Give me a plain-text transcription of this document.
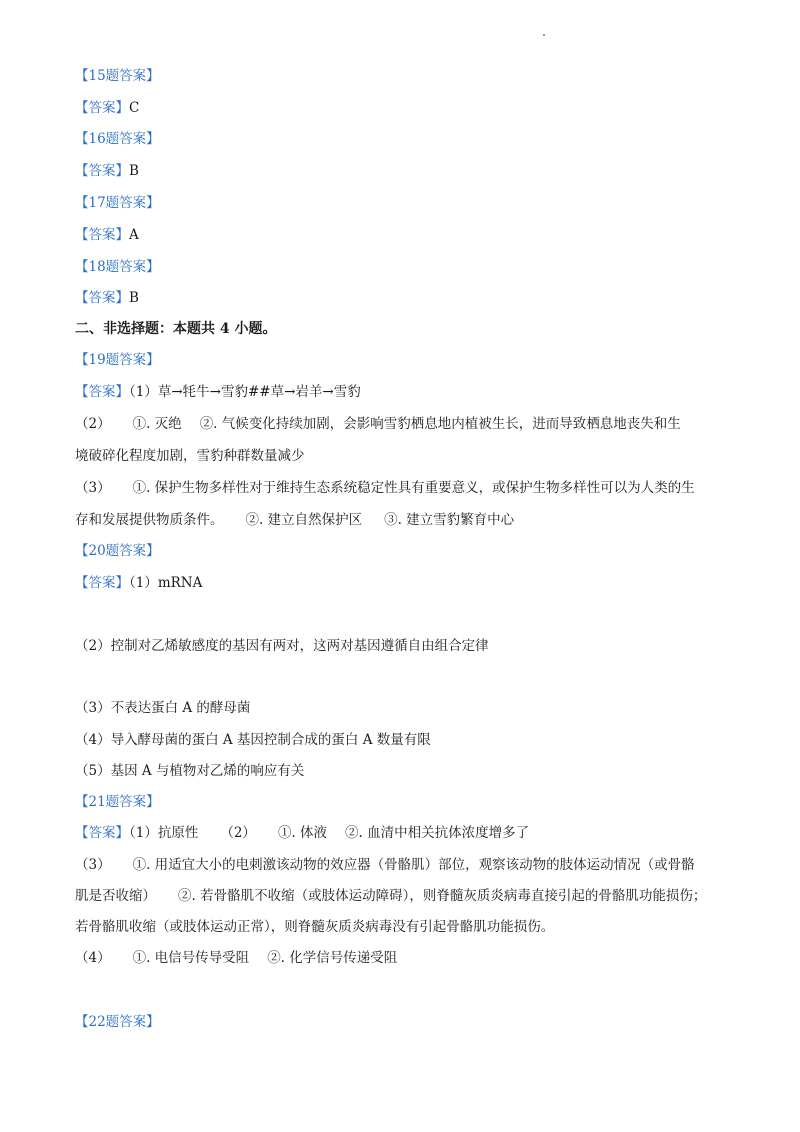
【15题答案】
【答案】C
【16题答案】
【答案】B
【17题答案】
【答案】A
【18题答案】
【答案】B
二、非选择题：本题共 4 小题。
【19题答案】
【答案】（1）草→牦牛→雪豹##草→岩羊→雪豹
（2） ①. 灭绝 ②. 气候变化持续加剧，会影响雪豹栖息地内植被生长，进而导致栖息地丧失和生
境破碎化程度加剧，雪豹种群数量减少
（3） ①. 保护生物多样性对于维持生态系统稳定性具有重要意义，或保护生物多样性可以为人类的生
存和发展提供物质条件。 ②. 建立自然保护区 ③. 建立雪豹繁育中心
【20题答案】
【答案】（1）mRNA
（2）控制对乙烯敏感度的基因有两对，这两对基因遵循自由组合定律
（3）不表达蛋白 A 的酵母菌
（4）导入酵母菌的蛋白 A 基因控制合成的蛋白 A 数量有限
（5）基因 A 与植物对乙烯的响应有关
【21题答案】
【答案】（1）抗原性 （2） ①. 体液 ②. 血清中相关抗体浓度增多了
（3） ①. 用适宜大小的电刺激该动物的效应器（骨骼肌）部位，观察该动物的肢体运动情况（或骨骼
肌是否收缩） ②. 若骨骼肌不收缩（或肢体运动障碍），则脊髓灰质炎病毒直接引起的骨骼肌功能损伤；
若骨骼肌收缩（或肢体运动正常），则脊髓灰质炎病毒没有引起骨骼肌功能损伤。
（4） ①. 电信号传导受阻 ②. 化学信号传递受阻
【22题答案】
